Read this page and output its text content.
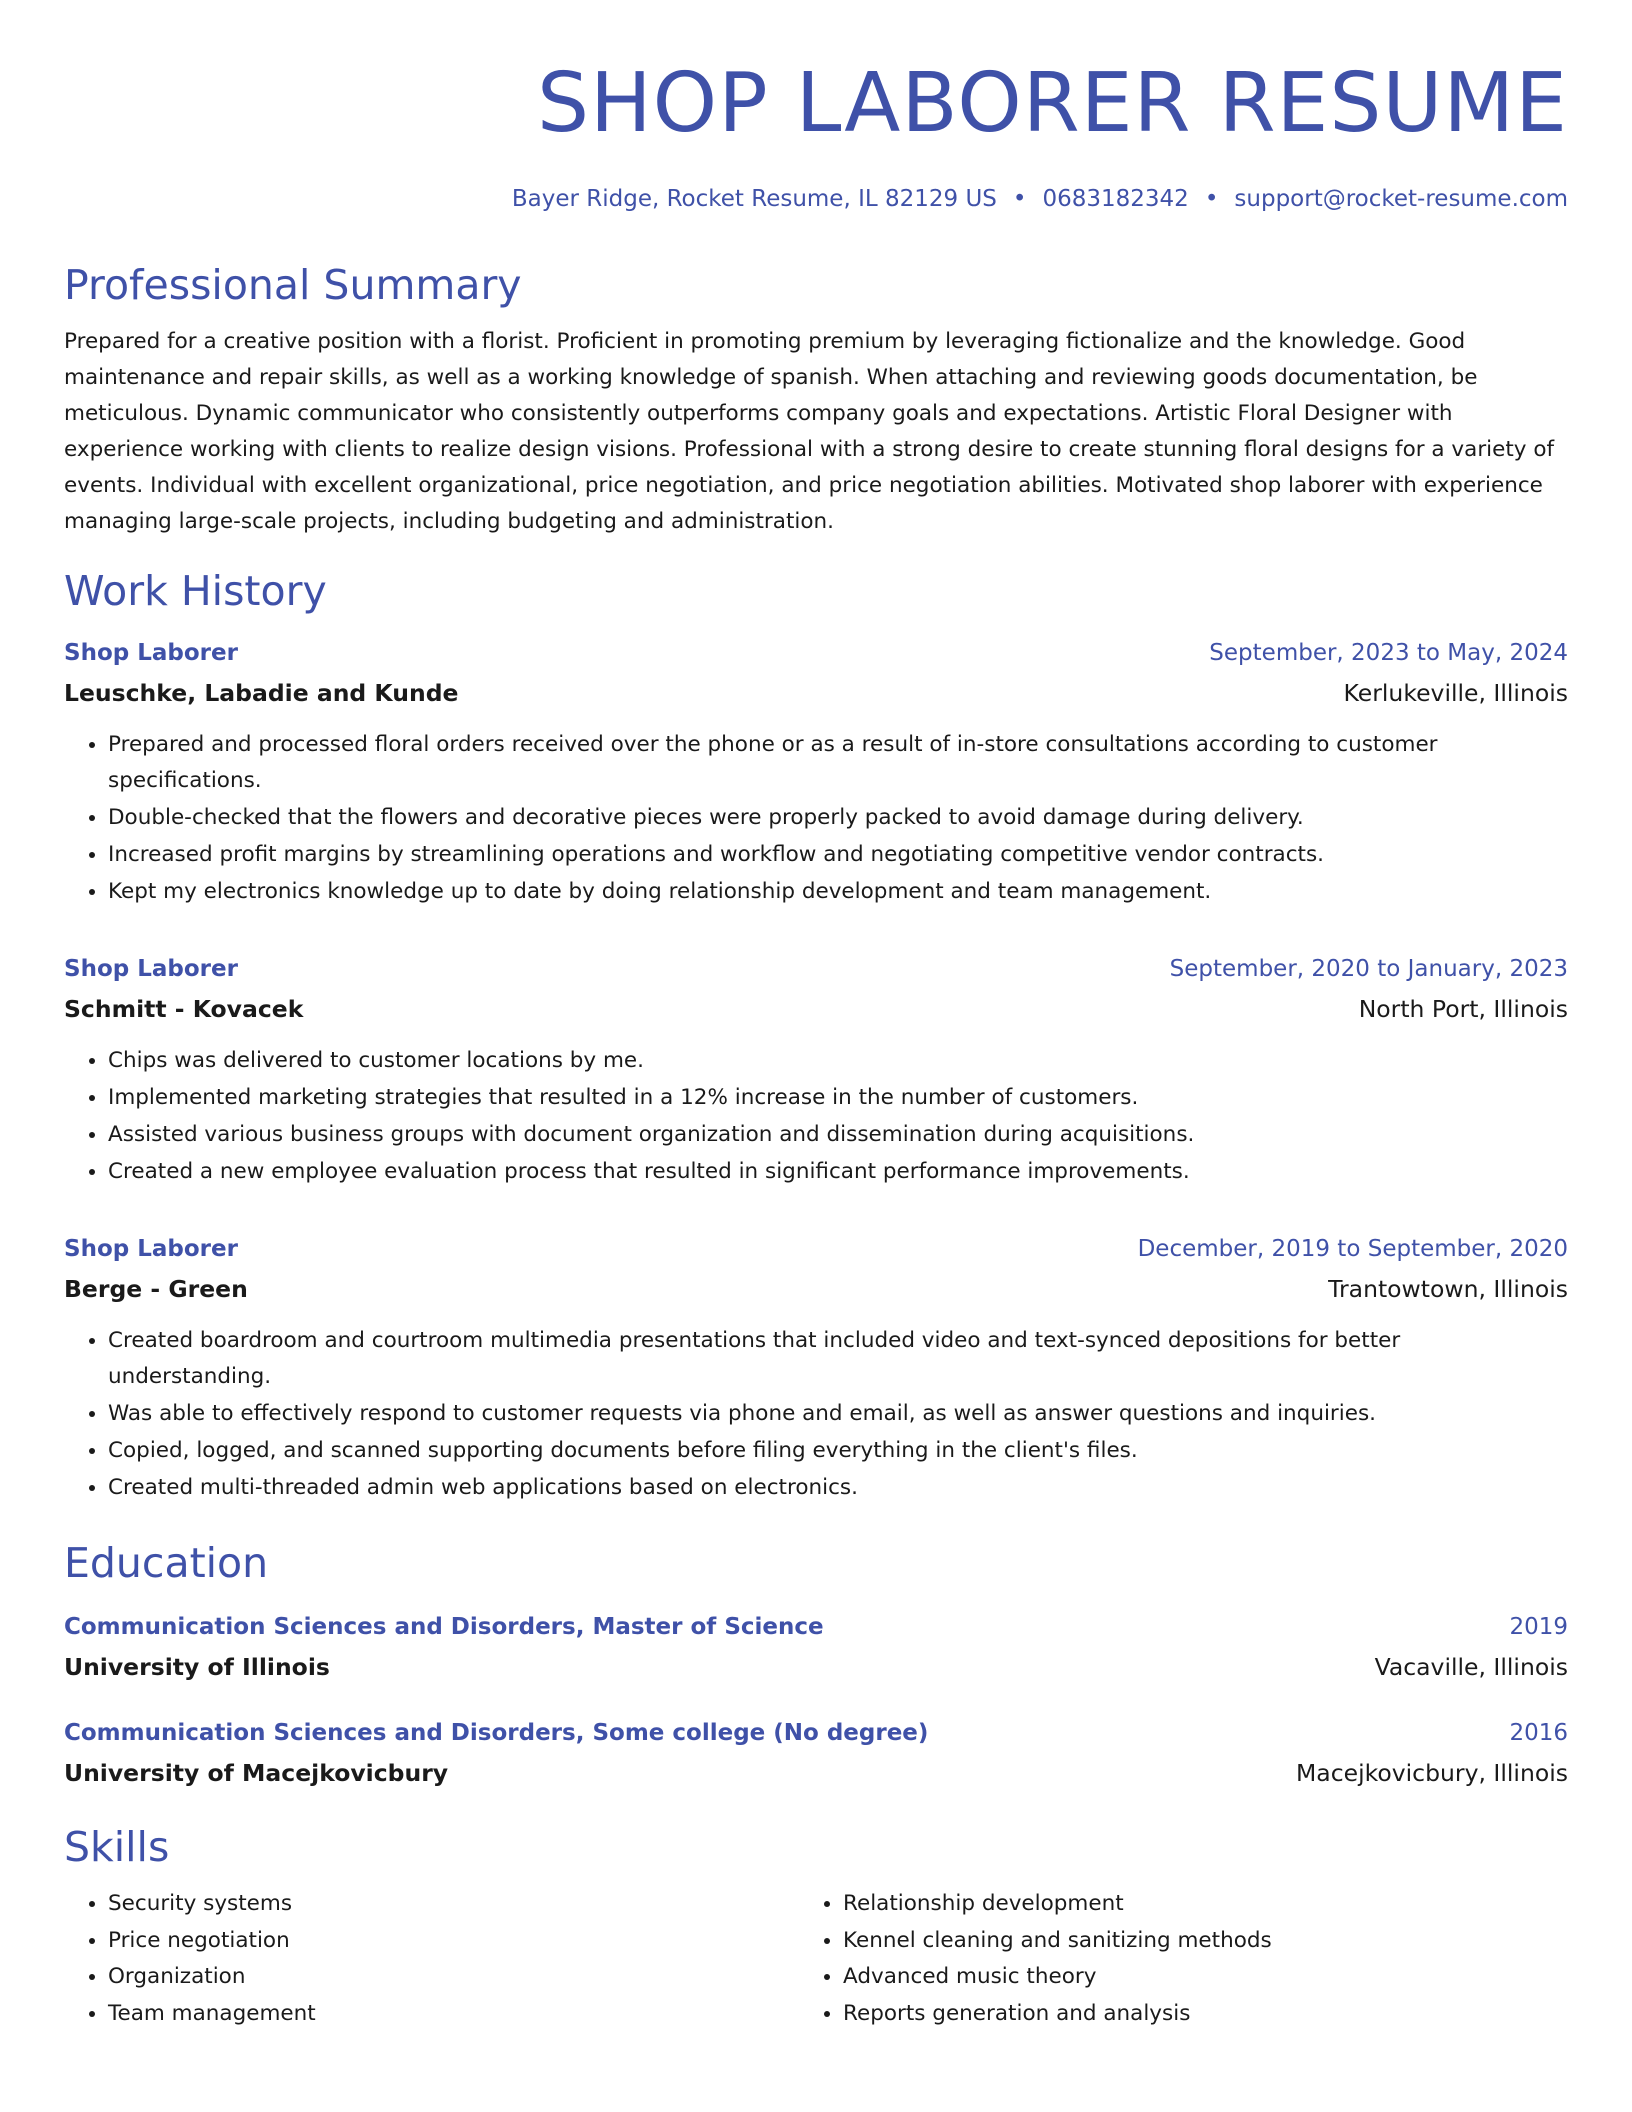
SHOP LABORER RESUME
Bayer Ridge, Rocket Resume, IL 82129 US • 0683182342 • support@rocket-resume.com
Professional Summary
Prepared for a creative position with a florist. Proficient in promoting premium by leveraging fictionalize and the knowledge. Good maintenance and repair skills, as well as a working knowledge of spanish. When attaching and reviewing goods documentation, be meticulous. Dynamic communicator who consistently outperforms company goals and expectations. Artistic Floral Designer with experience working with clients to realize design visions. Professional with a strong desire to create stunning floral designs for a variety of events. Individual with excellent organizational, price negotiation, and price negotiation abilities. Motivated shop laborer with experience managing large-scale projects, including budgeting and administration.
Work History
Shop Laborer	September, 2023 to May, 2024
Leuschke, Labadie and Kunde	Kerlukeville, Illinois
• Prepared and processed floral orders received over the phone or as a result of in-store consultations according to customer specifications.
• Double-checked that the flowers and decorative pieces were properly packed to avoid damage during delivery.
• Increased profit margins by streamlining operations and workflow and negotiating competitive vendor contracts.
• Kept my electronics knowledge up to date by doing relationship development and team management.
Shop Laborer	September, 2020 to January, 2023
Schmitt - Kovacek	North Port, Illinois
• Chips was delivered to customer locations by me.
• Implemented marketing strategies that resulted in a 12% increase in the number of customers.
• Assisted various business groups with document organization and dissemination during acquisitions.
• Created a new employee evaluation process that resulted in significant performance improvements.
Shop Laborer	December, 2019 to September, 2020
Berge - Green	Trantowtown, Illinois
• Created boardroom and courtroom multimedia presentations that included video and text-synced depositions for better understanding.
• Was able to effectively respond to customer requests via phone and email, as well as answer questions and inquiries.
• Copied, logged, and scanned supporting documents before filing everything in the client's files.
• Created multi-threaded admin web applications based on electronics.
Education
Communication Sciences and Disorders, Master of Science	2019
University of Illinois	Vacaville, Illinois
Communication Sciences and Disorders, Some college (No degree)	2016
University of Macejkovicbury	Macejkovicbury, Illinois
Skills
• Security systems
• Price negotiation
• Organization
• Team management
• Relationship development
• Kennel cleaning and sanitizing methods
• Advanced music theory
• Reports generation and analysis
